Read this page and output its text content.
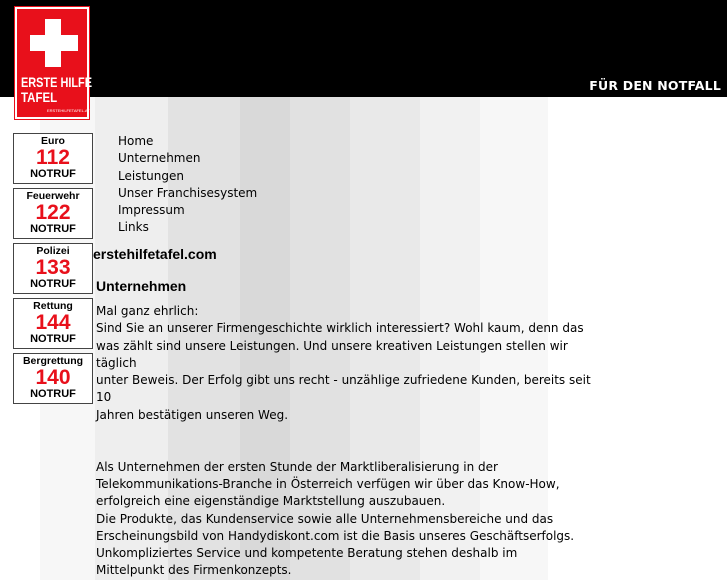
FÜR DEN NOTFALL
ERSTE HILFE
TAFEL
ERSTEHILFETAFEL.AT
Euro
112
NOTRUF
Feuerwehr
122
NOTRUF
Polizei
133
NOTRUF
Rettung
144
NOTRUF
Bergrettung
140
NOTRUF
Home
Unternehmen
Leistungen
Unser Franchisesystem
Impressum
Links
erstehilfetafel.com
Unternehmen

Mal ganz ehrlich:
Sind Sie an unserer Firmengeschichte wirklich interessiert? Wohl kaum, denn das
was zählt sind unsere Leistungen. Und unsere kreativen Leistungen stellen wir täglich
unter Beweis. Der Erfolg gibt uns recht - unzählige zufriedene Kunden, bereits seit 10
Jahren bestätigen unseren Weg.

Als Unternehmen der ersten Stunde der Marktliberalisierung in der
Telekommunikations-Branche in Österreich verfügen wir über das Know-How,
erfolgreich eine eigenständige Marktstellung auszubauen.
Die Produkte, das Kundenservice sowie alle Unternehmensbereiche und das
Erscheinungsbild von Handydiskont.com ist die Basis unseres Geschäftserfolgs.
Unkompliziertes Service und kompetente Beratung stehen deshalb im
Mittelpunkt des Firmenkonzepts.
